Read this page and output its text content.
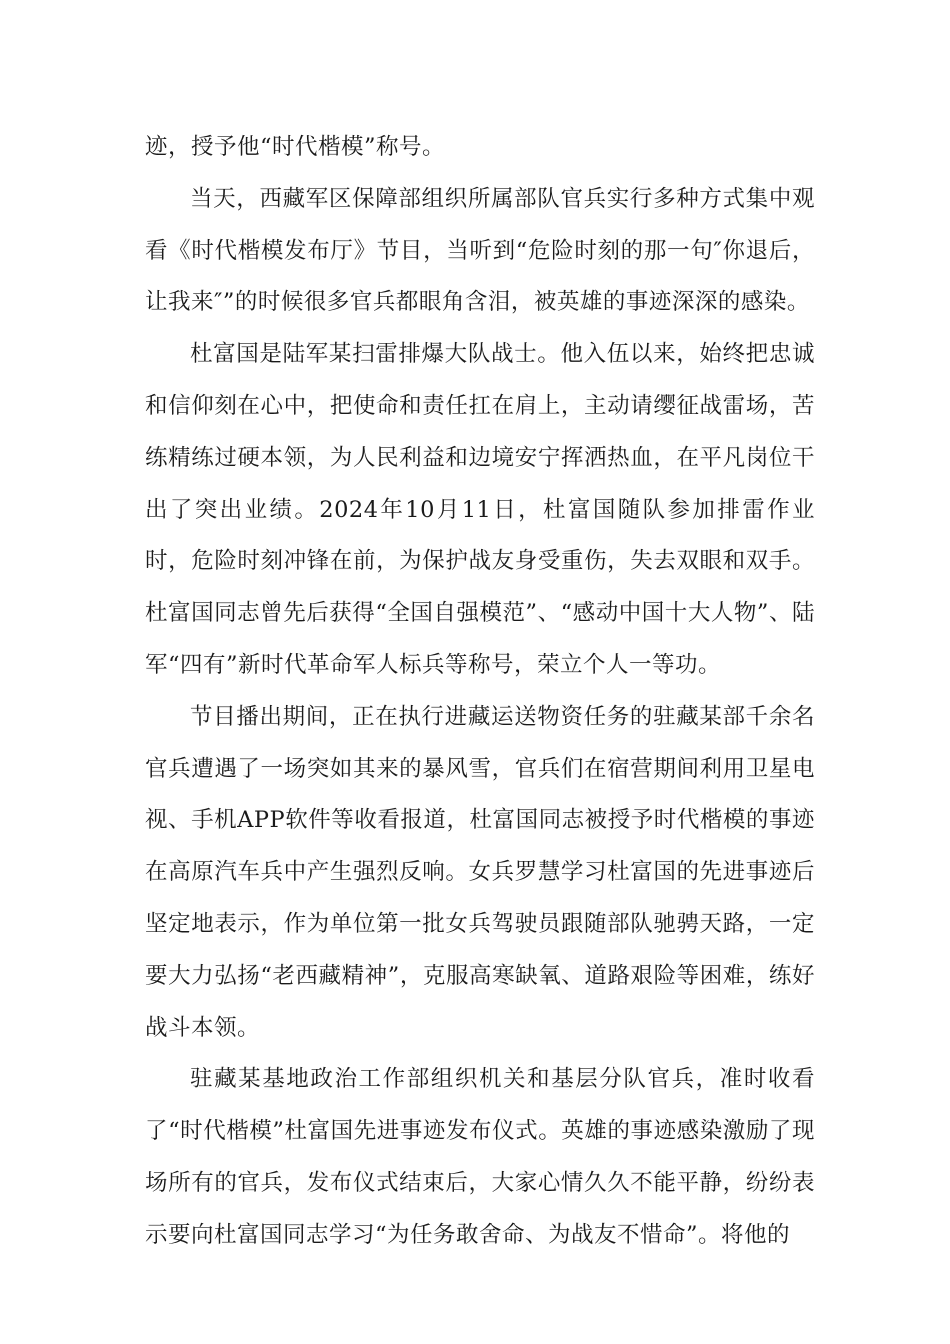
迹，授予他“时代楷模”称号。

当天，西藏军区保障部组织所属部队官兵实行多种方式集中观看《时代楷模发布厅》节目，当听到“危险时刻的那一句″你退后，让我来″”的时候很多官兵都眼角含泪，被英雄的事迹深深的感染。

杜富国是陆军某扫雷排爆大队战士。他入伍以来，始终把忠诚和信仰刻在心中，把使命和责任扛在肩上，主动请缨征战雷场，苦练精练过硬本领，为人民利益和边境安宁挥洒热血，在平凡岗位干出了突出业绩。2024年10月11日，杜富国随队参加排雷作业时，危险时刻冲锋在前，为保护战友身受重伤，失去双眼和双手。杜富国同志曾先后获得“全国自强模范”、“感动中国十大人物”、陆军“四有”新时代革命军人标兵等称号，荣立个人一等功。

节目播出期间，正在执行进藏运送物资任务的驻藏某部千余名官兵遭遇了一场突如其来的暴风雪，官兵们在宿营期间利用卫星电视、手机APP软件等收看报道，杜富国同志被授予时代楷模的事迹在高原汽车兵中产生强烈反响。女兵罗慧学习杜富国的先进事迹后坚定地表示，作为单位第一批女兵驾驶员跟随部队驰骋天路，一定要大力弘扬“老西藏精神”，克服高寒缺氧、道路艰险等困难，练好战斗本领。

驻藏某基地政治工作部组织机关和基层分队官兵，准时收看了“时代楷模”杜富国先进事迹发布仪式。英雄的事迹感染激励了现场所有的官兵，发布仪式结束后，大家心情久久不能平静，纷纷表示要向杜富国同志学习“为任务敢舍命、为战友不惜命”。将他的
